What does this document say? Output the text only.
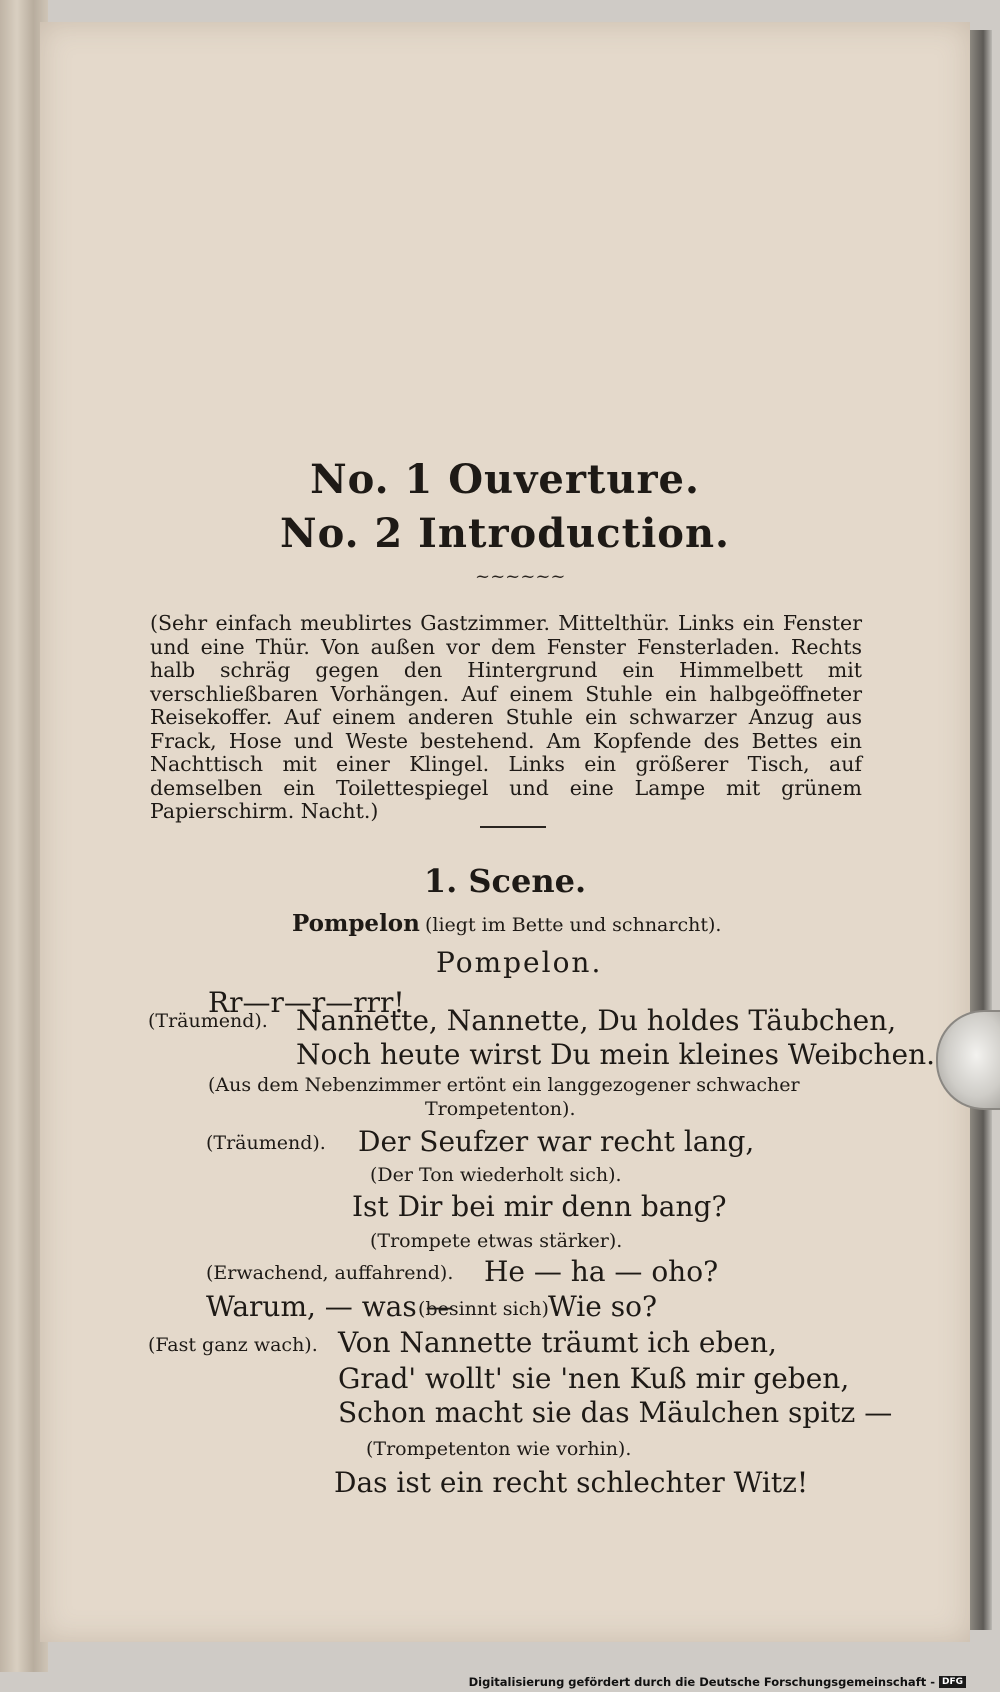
No. 1 Ouverture.
No. 2 Introduction.
~~~~~~
(Sehr einfach meublirtes Gastzimmer. Mittelthür. Links ein Fenster und eine Thür. Von außen vor dem Fenster Fensterladen. Rechts halb schräg gegen den Hintergrund ein Himmelbett mit verschließbaren Vorhängen. Auf einem Stuhle ein halbgeöffneter Reisekoffer. Auf einem anderen Stuhle ein schwarzer Anzug aus Frack, Hose und Weste bestehend. Am Kopfende des Bettes ein Nachttisch mit einer Klingel. Links ein größerer Tisch, auf demselben ein Toilettespiegel und eine Lampe mit grünem Papierschirm. Nacht.)
1. Scene.
Pompelon (liegt im Bette und schnarcht).
Pompelon.
Rr—r—r—rrr!
(Träumend). Nannette, Nannette, Du holdes Täubchen,
Noch heute wirst Du mein kleines Weibchen.
(Aus dem Nebenzimmer ertönt ein langgezogener schwacher
Trompetenton).
(Träumend). Der Seufzer war recht lang,
(Der Ton wiederholt sich).
Ist Dir bei mir denn bang?
(Trompete etwas stärker).
(Erwachend, auffahrend). He — ha — oho?
Warum, — was —
(besinnt sich) Wie so?
(Fast ganz wach). Von Nannette träumt ich eben,
Grad' wollt' sie 'nen Kuß mir geben,
Schon macht sie das Mäulchen spitz —
(Trompetenton wie vorhin).
Das ist ein recht schlechter Witz!
Digitalisierung gefördert durch die Deutsche Forschungsgemeinschaft - DFG
